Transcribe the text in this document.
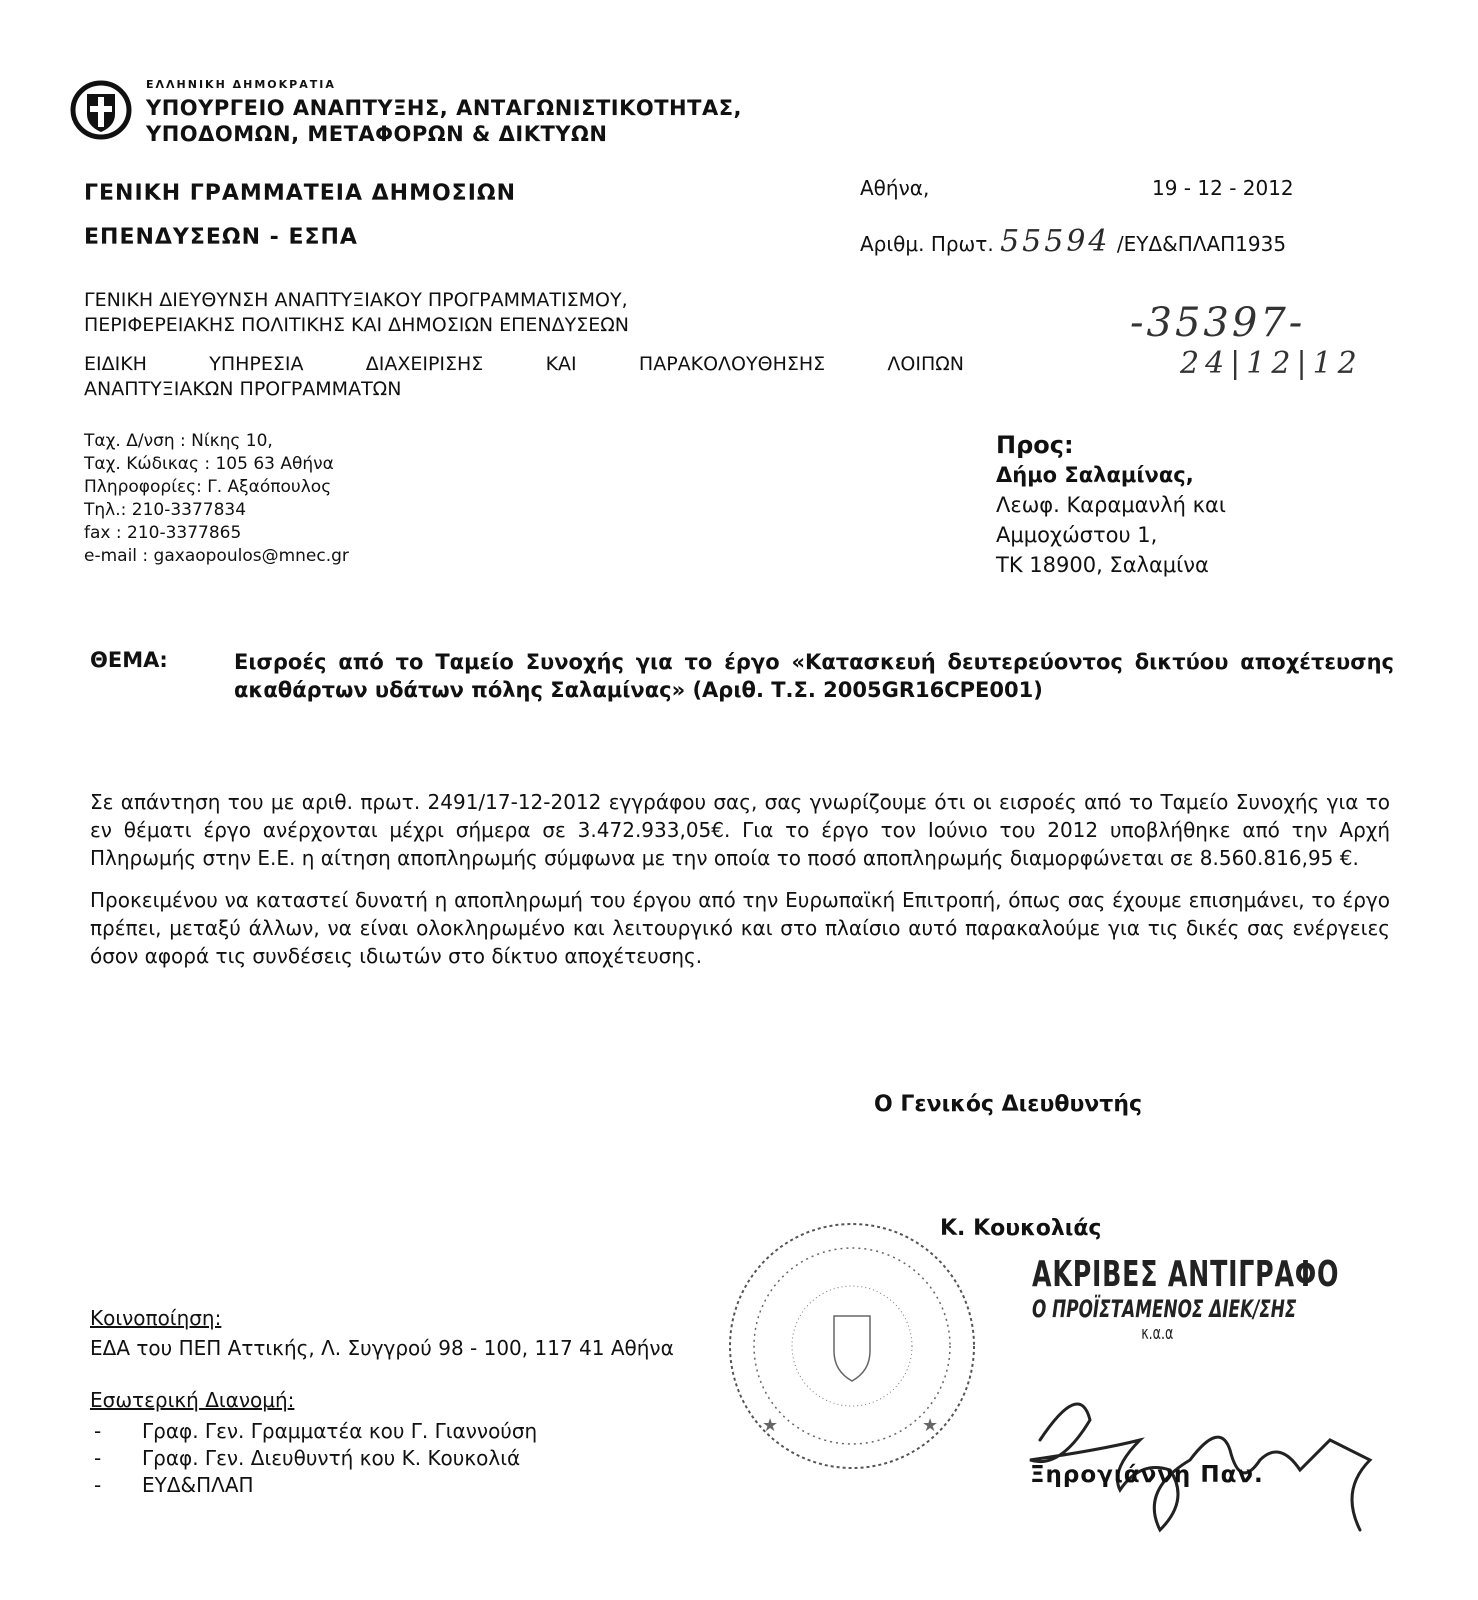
ΕΛΛΗΝΙΚΗ ΔΗΜΟΚΡΑΤΙΑ
ΥΠΟΥΡΓΕΙΟ ΑΝΑΠΤΥΞΗΣ, ΑΝΤΑΓΩΝΙΣΤΙΚΟΤΗΤΑΣ,
ΥΠΟΔΟΜΩΝ, ΜΕΤΑΦΟΡΩΝ & ΔΙΚΤΥΩΝ
ΓΕΝΙΚΗ ΓΡΑΜΜΑΤΕΙΑ ΔΗΜΟΣΙΩΝ
ΕΠΕΝΔΥΣΕΩΝ - ΕΣΠΑ
Αθήνα,	19 - 12 - 2012
Αριθμ. Πρωτ. 55594 /ΕΥΔ&ΠΛΑΠ1935
-35397-
24|12|12
ΓΕΝΙΚΗ ΔΙΕΥΘΥΝΣΗ ΑΝΑΠΤΥΞΙΑΚΟΥ ΠΡΟΓΡΑΜΜΑΤΙΣΜΟΥ,
ΠΕΡΙΦΕΡΕΙΑΚΗΣ ΠΟΛΙΤΙΚΗΣ ΚΑΙ ΔΗΜΟΣΙΩΝ ΕΠΕΝΔΥΣΕΩΝ
ΕΙΔΙΚΗ ΥΠΗΡΕΣΙΑ ΔΙΑΧΕΙΡΙΣΗΣ ΚΑΙ ΠΑΡΑΚΟΛΟΥΘΗΣΗΣ ΛΟΙΠΩΝ
ΑΝΑΠΤΥΞΙΑΚΩΝ ΠΡΟΓΡΑΜΜΑΤΩΝ
Ταχ. Δ/νση : Νίκης 10,
Ταχ. Κώδικας : 105 63 Αθήνα
Πληροφορίες: Γ. Αξαόπουλος
Τηλ.: 210-3377834
fax : 210-3377865
e-mail : gaxaopoulos@mnec.gr
Προς:
Δήμο Σαλαμίνας,
Λεωφ. Καραμανλή και
Αμμοχώστου 1,
ΤΚ 18900, Σαλαμίνα
ΘΕΜΑ:	Εισροές από το Ταμείο Συνοχής για το έργο «Κατασκευή δευτερεύοντος δικτύου αποχέτευσης ακαθάρτων υδάτων πόλης Σαλαμίνας» (Αριθ. Τ.Σ. 2005GR16CPE001)

Σε απάντηση του με αριθ. πρωτ. 2491/17-12-2012 εγγράφου σας, σας γνωρίζουμε ότι οι εισροές από το Ταμείο Συνοχής για το εν θέματι έργο ανέρχονται μέχρι σήμερα σε 3.472.933,05€. Για το έργο τον Ιούνιο του 2012 υποβλήθηκε από την Αρχή Πληρωμής στην Ε.Ε. η αίτηση αποπληρωμής σύμφωνα με την οποία το ποσό αποπληρωμής διαμορφώνεται σε 8.560.816,95 €.

Προκειμένου να καταστεί δυνατή η αποπληρωμή του έργου από την Ευρωπαϊκή Επιτροπή, όπως σας έχουμε επισημάνει, το έργο πρέπει, μεταξύ άλλων, να είναι ολοκληρωμένο και λειτουργικό και στο πλαίσιο αυτό παρακαλούμε για τις δικές σας ενέργειες όσον αφορά τις συνδέσεις ιδιωτών στο δίκτυο αποχέτευσης.

Ο Γενικός Διευθυντής
Κ. Κουκολιάς
★	★
ΑΚΡΙΒΕΣ ΑΝΤΙΓΡΑΦΟ
Ο ΠΡΟΪΣΤΑΜΕΝΟΣ ΔΙΕΚ/ΣΗΣ
κ.α.α
Ξηρογιάννη Παν.
Κοινοποίηση:
ΕΔΑ του ΠΕΠ Αττικής, Λ. Συγγρού 98 - 100, 117 41 Αθήνα
Εσωτερική Διανομή:
- Γραφ. Γεν. Γραμματέα κου Γ. Γιαννούση
- Γραφ. Γεν. Διευθυντή κου Κ. Κουκολιά
- ΕΥΔ&ΠΛΑΠ
